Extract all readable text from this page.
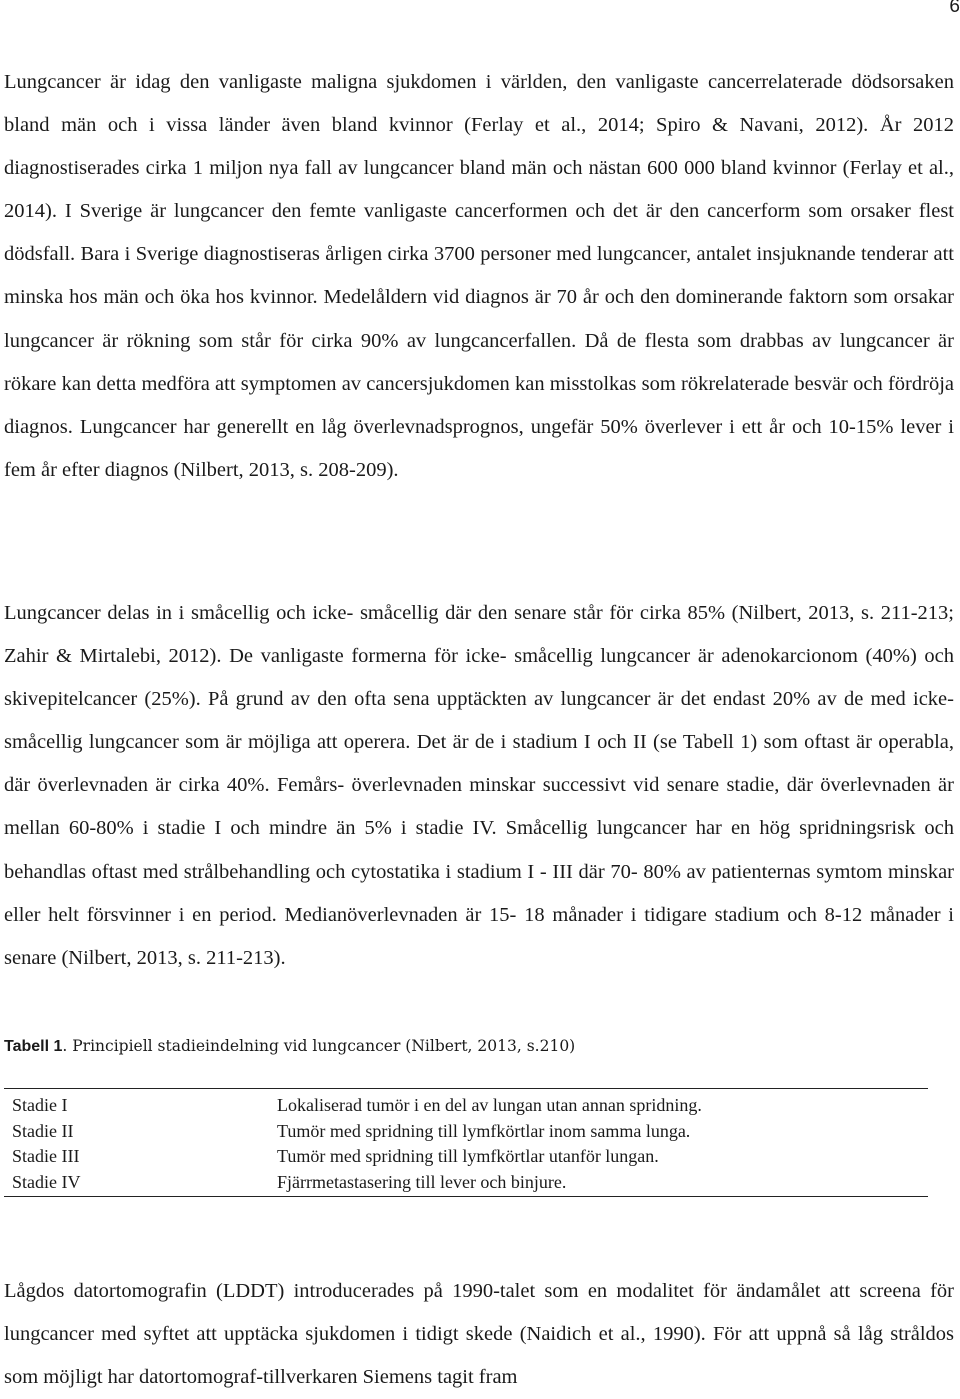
6

Lungcancer är idag den vanligaste maligna sjukdomen i världen, den vanligaste cancerrelaterade dödsorsaken bland män och i vissa länder även bland kvinnor (Ferlay et al., 2014; Spiro & Navani, 2012). År 2012 diagnostiserades cirka 1 miljon nya fall av lungcancer bland män och nästan 600 000 bland kvinnor (Ferlay et al., 2014). I Sverige är lungcancer den femte vanligaste cancerformen och det är den cancerform som orsaker flest dödsfall. Bara i Sverige diagnostiseras årligen cirka 3700 personer med lungcancer, antalet insjuknande tenderar att minska hos män och öka hos kvinnor. Medelåldern vid diagnos är 70 år och den dominerande faktorn som orsakar lungcancer är rökning som står för cirka 90% av lungcancerfallen. Då de flesta som drabbas av lungcancer är rökare kan detta medföra att symptomen av cancersjukdomen kan misstolkas som rökrelaterade besvär och fördröja diagnos. Lungcancer har generellt en låg överlevnadsprognos, ungefär 50% överlever i ett år och 10-15% lever i fem år efter diagnos (Nilbert, 2013, s. 208-209).

Lungcancer delas in i småcellig och icke- småcellig där den senare står för cirka 85% (Nilbert, 2013, s. 211-213; Zahir & Mirtalebi, 2012). De vanligaste formerna för icke- småcellig lungcancer är adenokarcionom (40%) och skivepitelcancer (25%). På grund av den ofta sena upptäckten av lungcancer är det endast 20% av de med icke- småcellig lungcancer som är möjliga att operera. Det är de i stadium I och II (se Tabell 1) som oftast är operabla, där överlevnaden är cirka 40%. Femårs- överlevnaden minskar successivt vid senare stadie, där överlevnaden är mellan 60-80% i stadie I och mindre än 5% i stadie IV. Småcellig lungcancer har en hög spridningsrisk och behandlas oftast med strålbehandling och cytostatika i stadium I - III där 70- 80% av patienternas symtom minskar eller helt försvinner i en period. Medianöverlevnaden är 15- 18 månader i tidigare stadium och 8-12 månader i senare (Nilbert, 2013, s. 211-213).

Tabell 1. Principiell stadieindelning vid lungcancer (Nilbert, 2013, s.210)

Stadie I	Lokaliserad tumör i en del av lungan utan annan spridning.
Stadie II	Tumör med spridning till lymfkörtlar inom samma lunga.
Stadie III	Tumör med spridning till lymfkörtlar utanför lungan.
Stadie IV	Fjärrmetastasering till lever och binjure.

Lågdos datortomografin (LDDT) introducerades på 1990-talet som en modalitet för ändamålet att screena för lungcancer med syftet att upptäcka sjukdomen i tidigt skede (Naidich et al., 1990). För att uppnå så låg stråldos som möjligt har datortomograf-tillverkaren Siemens tagit fram
